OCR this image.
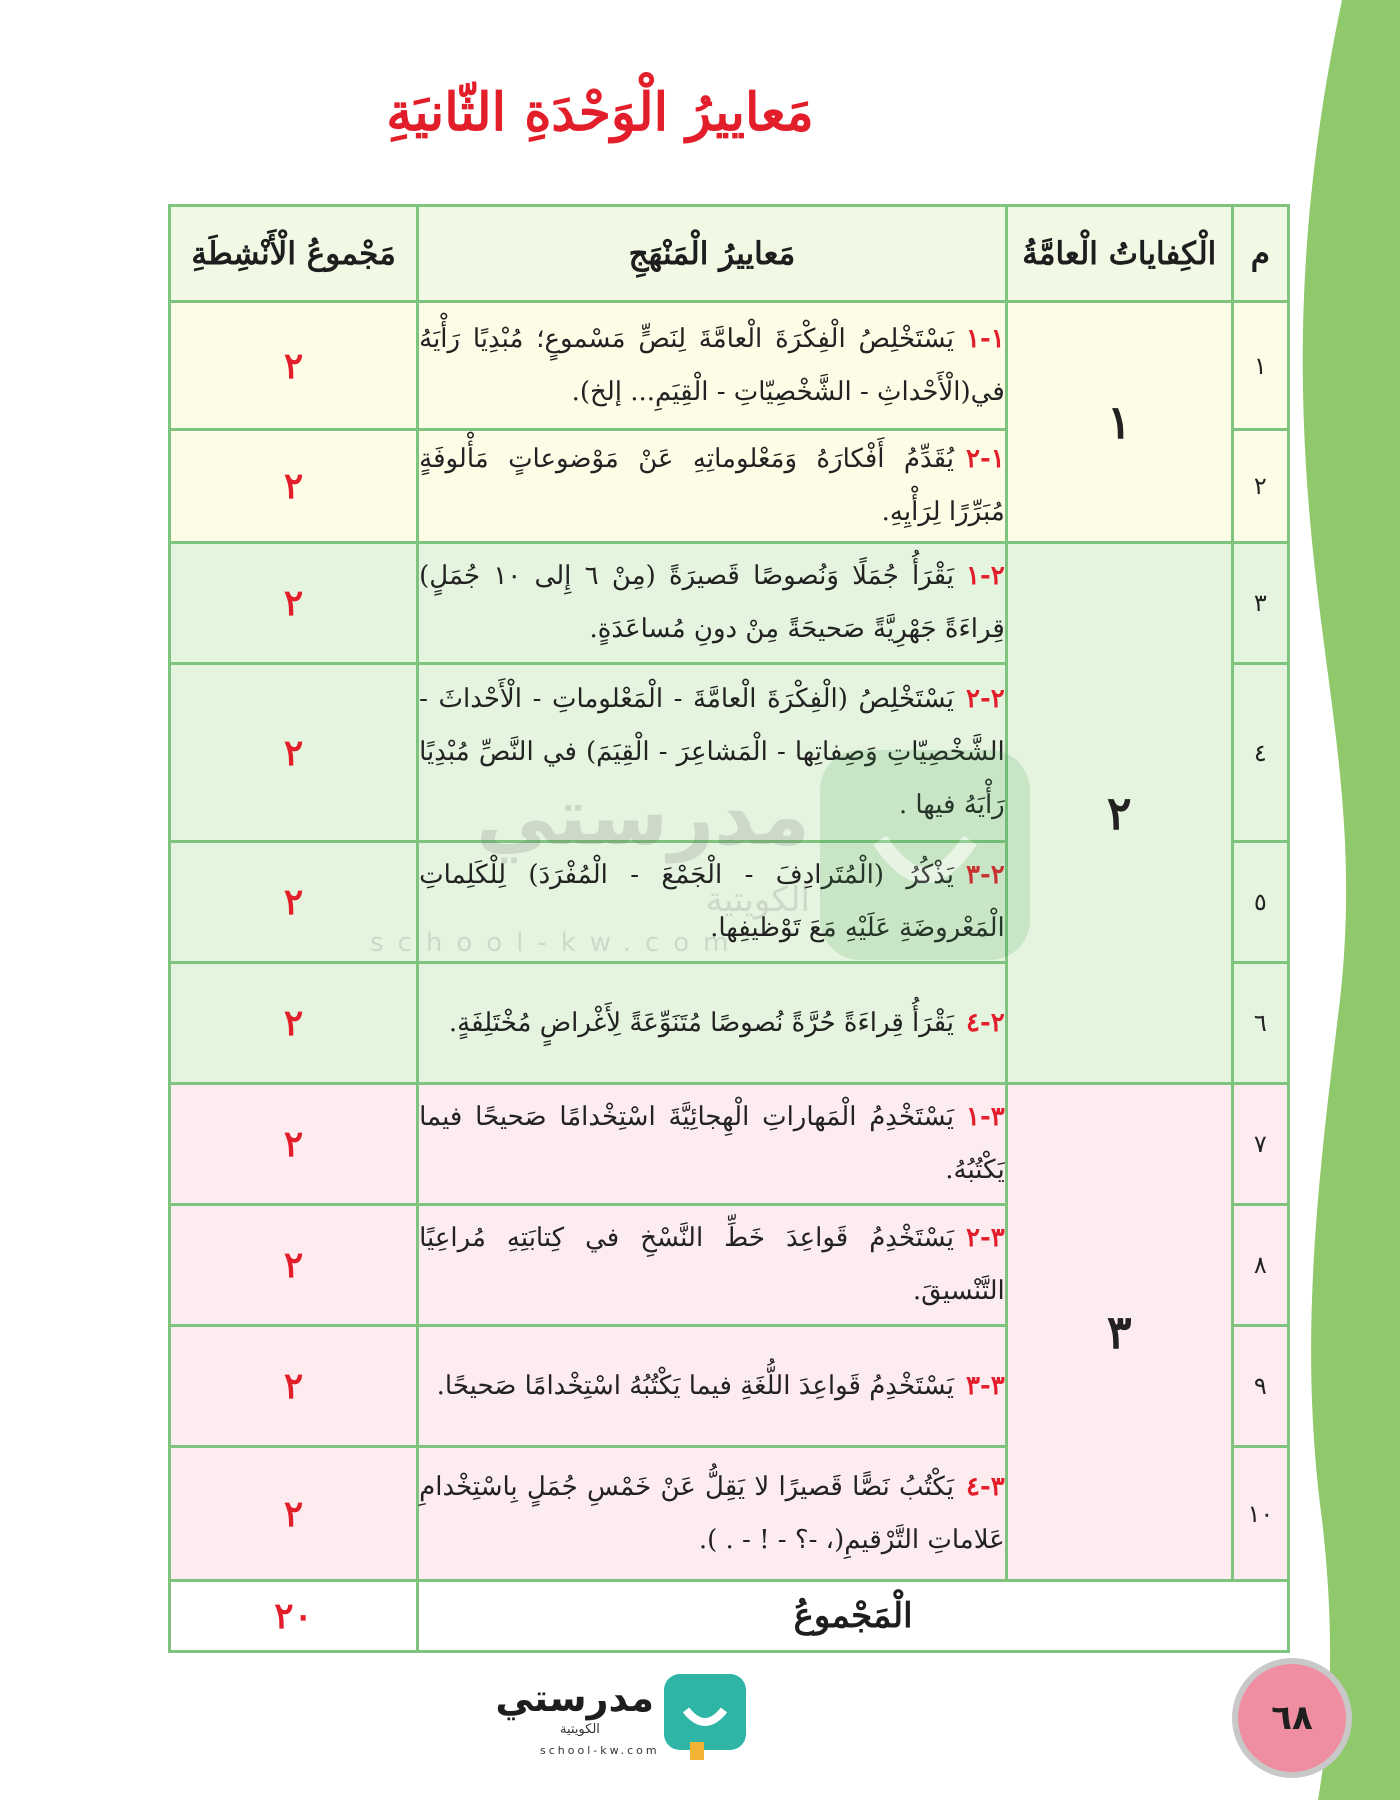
مَعاييرُ الْوَحْدَةِ الثّانيَةِ
م	الْكِفاياتُ الْعامَّةُ	مَعاييرُ الْمَنْهَجِ	مَجْموعُ الْأَنْشِطَةِ
١	١	١-١يَسْتَخْلِصُ الْفِكْرَةَ الْعامَّةَ لِنَصٍّ مَسْموعٍ؛ مُبْدِيًا رَأْيَهُ في(الْأَحْداثِ - الشَّخْصِيّاتِ - الْقِيَمِ... إلخ).	٢
٢		١-٢يُقَدِّمُ أَفْكارَهُ وَمَعْلوماتِهِ عَنْ مَوْضوعاتٍ مَأْلوفَةٍ مُبَرِّرًا لِرَأْيِهِ.	٢
٣	٢	٢-١يَقْرَأُ جُمَلًا وَنُصوصًا قَصيرَةً (مِنْ ٦ إِلى ١٠ جُمَلٍ) قِراءَةً جَهْرِيَّةً صَحيحَةً مِنْ دونِ مُساعَدَةٍ.	٢
٤		٢-٢يَسْتَخْلِصُ (الْفِكْرَةَ الْعامَّةَ - الْمَعْلوماتِ - الْأَحْداثَ - الشَّخْصِيّاتِ وَصِفاتِها - الْمَشاعِرَ - الْقِيَمَ) في النَّصِّ مُبْدِيًا رَأْيَهُ فيها .	٢
٥		٢-٣يَذْكُرُ (الْمُتَرادِفَ - الْجَمْعَ - الْمُفْرَدَ) لِلْكَلِماتِ الْمَعْروضَةِ عَلَيْهِ مَعَ تَوْظيفِها.	٢
٦		٢-٤يَقْرَأُ قِراءَةً حُرَّةً نُصوصًا مُتَنَوِّعَةً لِأَغْراضٍ مُخْتَلِفَةٍ.	٢
٧	٣	٣-١يَسْتَخْدِمُ الْمَهاراتِ الْهِجائِيَّةَ اسْتِخْدامًا صَحيحًا فيما يَكْتُبُهُ.	٢
٨		٣-٢يَسْتَخْدِمُ قَواعِدَ خَطِّ النَّسْخِ في كِتابَتِهِ مُراعِيًا التَّنْسيقَ.	٢
٩		٣-٣يَسْتَخْدِمُ قَواعِدَ اللُّغَةِ فيما يَكْتُبُهُ اسْتِخْدامًا صَحيحًا.	٢
١٠		٣-٤يَكْتُبُ نَصًّا قَصيرًا لا يَقِلُّ عَنْ خَمْسِ جُمَلٍ بِاسْتِخْدامِ عَلاماتِ التَّرْقيمِ(، -؟ - ! - . ).	٢
الْمَجْموعُ			٢٠
مدرستي
الكويتية
school-kw.com
٦٨
